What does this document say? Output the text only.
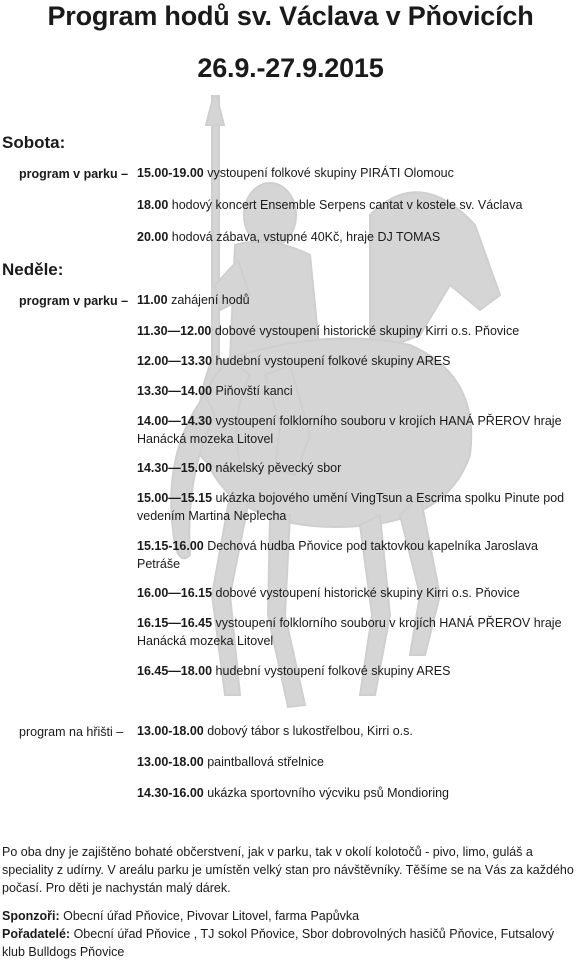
Program hodů sv. Václava v Pňovicích
26.9.-27.9.2015
Sobota:
program v parku – 15.00-19.00 vystoupení folkové skupiny PIRÁTI Olomouc
18.00 hodový koncert Ensemble Serpens cantat v kostele sv. Václava
20.00 hodová zábava, vstupné 40Kč, hraje DJ TOMAS
Neděle:
program v parku – 11.00 zahájení hodů
11.30—12.00 dobové vystoupení historické skupiny Kirri o.s. Pňovice
12.00—13.30 hudební vystoupení folkové skupiny ARES
13.30—14.00 Piňovští kanci
14.00—14.30 vystoupení folklorního souboru v krojích HANÁ PŘEROV hraje Hanácká mozeka Litovel
14.30—15.00 nákelský pěvecký sbor
15.00—15.15 ukázka bojového umění VingTsun a Escrima spolku Pinute pod vedením Martina Neplecha
15.15-16.00 Dechová hudba Pňovice pod taktovkou kapelníka Jaroslava Petráše
16.00—16.15 dobové vystoupení historické skupiny Kirri o.s. Pňovice
16.15—16.45 vystoupení folklorního souboru v krojích HANÁ PŘEROV hraje Hanácká mozeka Litovel
16.45—18.00 hudební vystoupení folkové skupiny ARES
program na hřišti – 13.00-18.00 dobový tábor s lukostřelbou, Kirri o.s.
13.00-18.00 paintballová střelnice
14.30-16.00 ukázka sportovního výcviku psů Mondioring
Po oba dny je zajištěno bohaté občerstvení, jak v parku, tak v okolí kolotočů - pivo, limo, guláš a speciality z udírny. V areálu parku je umístěn velký stan pro návštěvníky. Těšíme se na Vás za každého počasí. Pro děti je nachystán malý dárek.
Sponzoři: Obecní úřad Pňovice, Pivovar Litovel, farma Papůvka
Pořadatelé: Obecní úřad Pňovice , TJ sokol Pňovice, Sbor dobrovolných hasičů Pňovice, Futsalový klub Bulldogs Pňovice
